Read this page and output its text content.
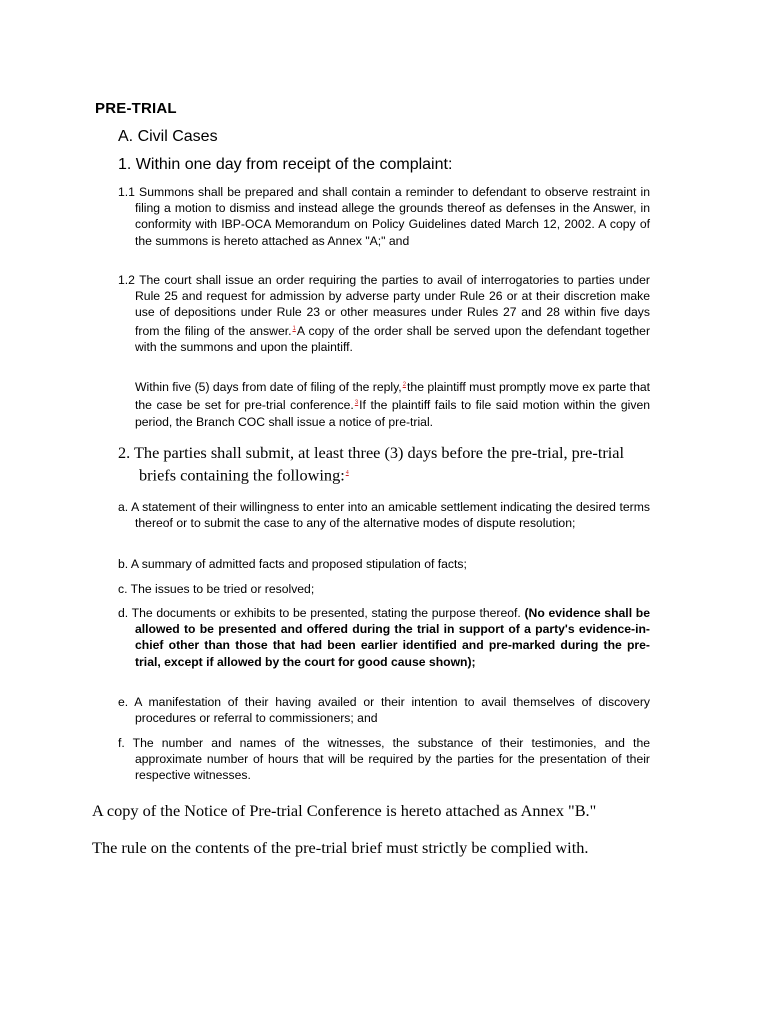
PRE-TRIAL
A. Civil Cases
1. Within one day from receipt of the complaint:
1.1 Summons shall be prepared and shall contain a reminder to defendant to observe restraint in filing a motion to dismiss and instead allege the grounds thereof as defenses in the Answer, in conformity with IBP-OCA Memorandum on Policy Guidelines dated March 12, 2002. A copy of the summons is hereto attached as Annex "A;" and
1.2 The court shall issue an order requiring the parties to avail of interrogatories to parties under Rule 25 and request for admission by adverse party under Rule 26 or at their discretion make use of depositions under Rule 23 or other measures under Rules 27 and 28 within five days from the filing of the answer.$^1$A copy of the order shall be served upon the defendant together with the summons and upon the plaintiff.
Within five (5) days from date of filing of the reply,$^2$the plaintiff must promptly move ex parte that the case be set for pre-trial conference.$^3$If the plaintiff fails to file said motion within the given period, the Branch COC shall issue a notice of pre-trial.
2. The parties shall submit, at least three (3) days before the pre-trial, pre-trial briefs containing the following:$^4$
a. A statement of their willingness to enter into an amicable settlement indicating the desired terms thereof or to submit the case to any of the alternative modes of dispute resolution;
b. A summary of admitted facts and proposed stipulation of facts;
c. The issues to be tried or resolved;
d. The documents or exhibits to be presented, stating the purpose thereof. (No evidence shall be allowed to be presented and offered during the trial in support of a party's evidence-in-chief other than those that had been earlier identified and pre-marked during the pre-trial, except if allowed by the court for good cause shown);
e. A manifestation of their having availed or their intention to avail themselves of discovery procedures or referral to commissioners; and
f. The number and names of the witnesses, the substance of their testimonies, and the approximate number of hours that will be required by the parties for the presentation of their respective witnesses.
A copy of the Notice of Pre-trial Conference is hereto attached as Annex "B."
The rule on the contents of the pre-trial brief must strictly be complied with.
